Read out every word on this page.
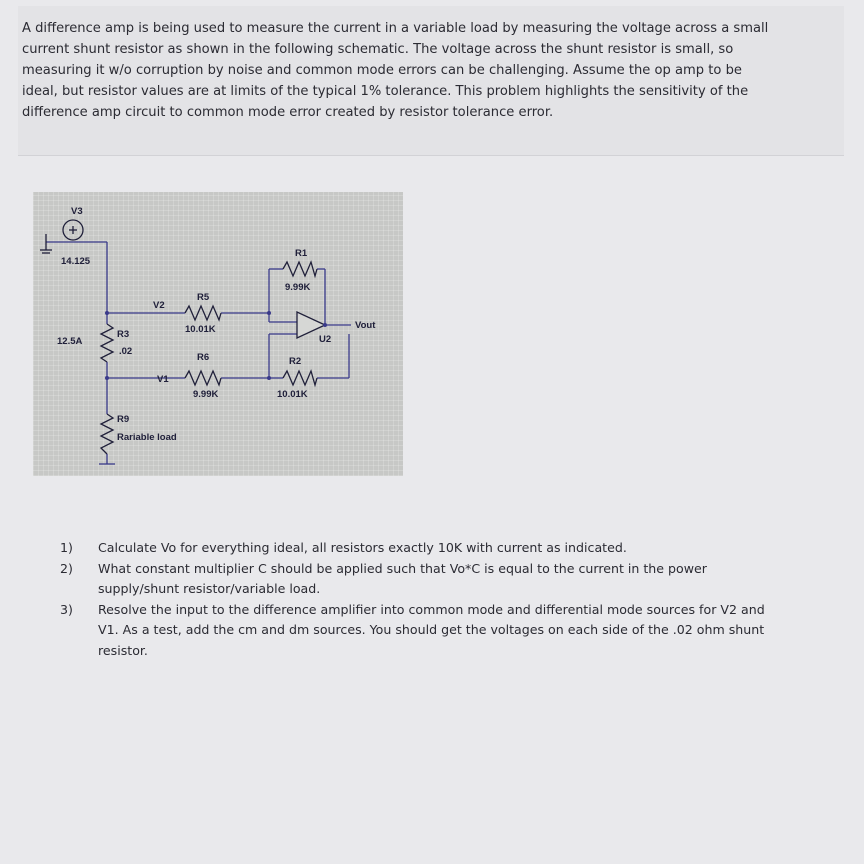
A difference amp is being used to measure the current in a variable load by measuring the voltage across a small

current shunt resistor as shown in the following schematic. The voltage across the shunt resistor is small, so

measuring it w/o corruption by noise and common mode errors can be challenging. Assume the op amp to be

ideal, but resistor values are at limits of the typical 1% tolerance. This problem highlights the sensitivity of the

difference amp circuit to common mode error created by resistor tolerance error.

V3
14.125
R3
.02
12.5A
R5
10.01K
R6
9.99K
R1
9.99K
R2
10.01K
U2
R9
Rariable load
V2
V1
Vout
1)	Calculate Vo for everything ideal, all resistors exactly 10K with current as indicated.
2)	What constant multiplier C should be applied such that Vo*C is equal to the current in the power
supply/shunt resistor/variable load.
3)	Resolve the input to the difference amplifier into common mode and differential mode sources for V2 and
V1. As a test, add the cm and dm sources. You should get the voltages on each side of the .02 ohm shunt
resistor.
